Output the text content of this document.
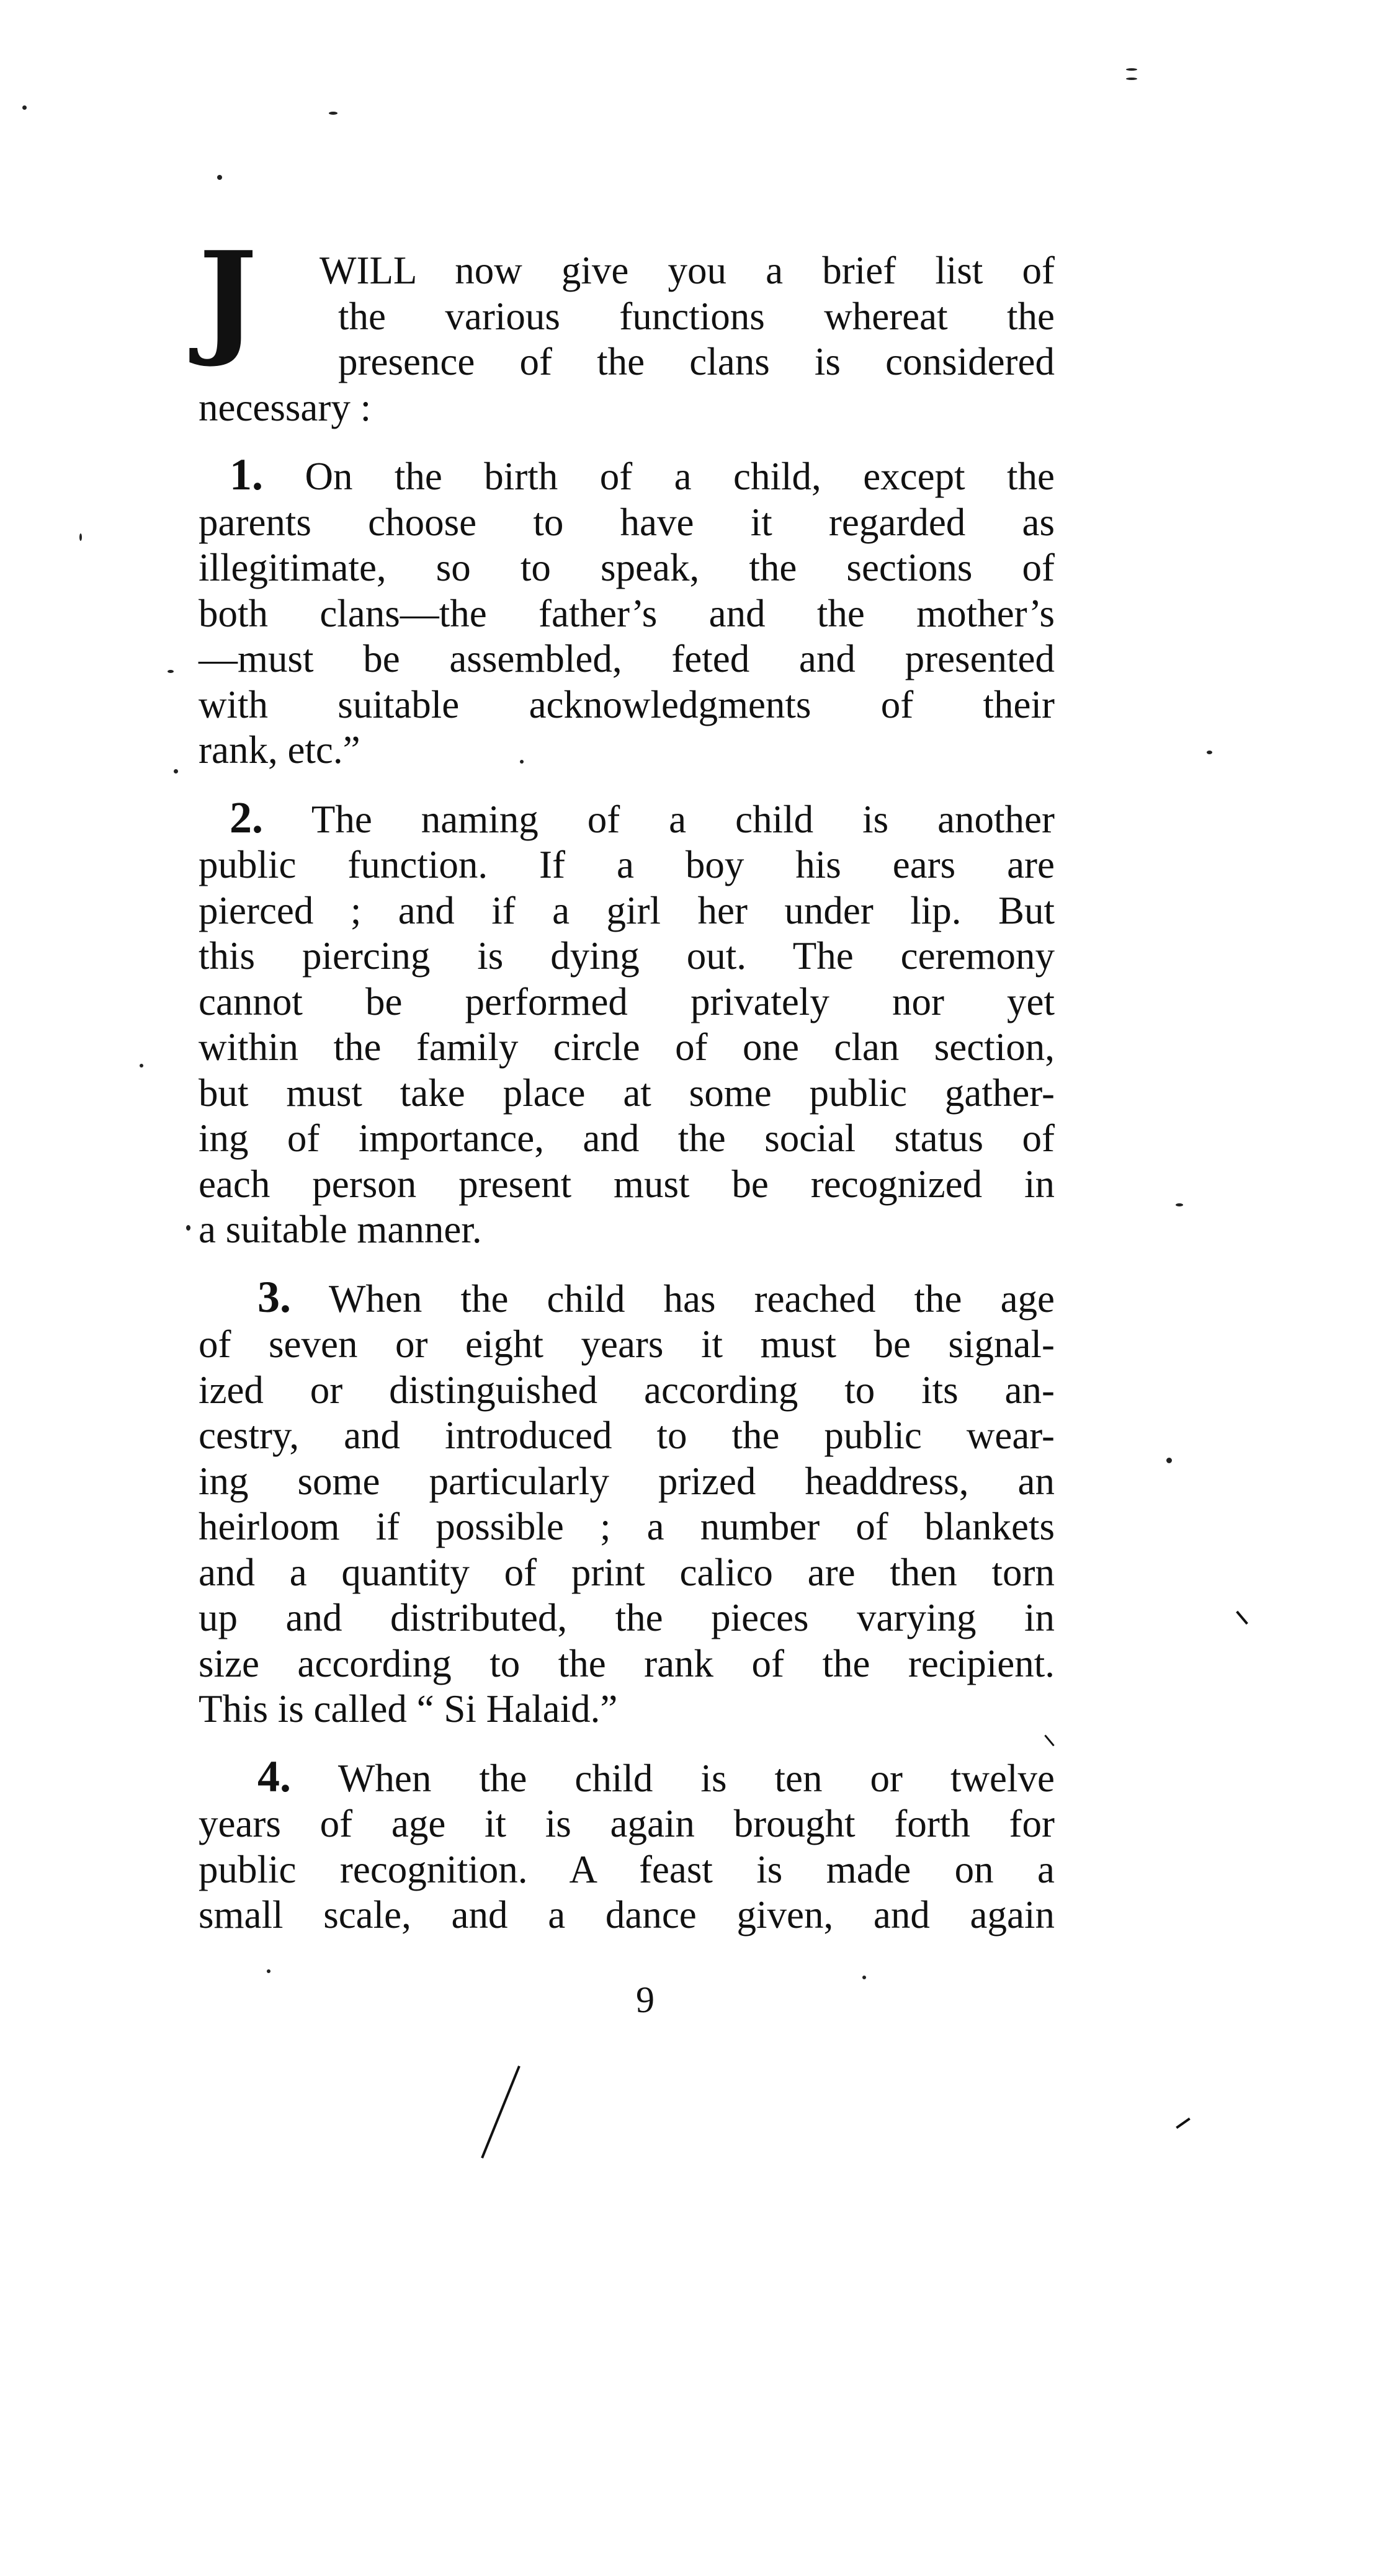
J	WILL now give you a brief list of
the various functions whereat the
presence of the clans is considered
necessary :
1. On the birth of a child, except the
parents choose to have it regarded as
illegitimate, so to speak, the sections of
both clans—the father’s and the mother’s
—must be assembled, feted and presented
with suitable acknowledgments of their
rank, etc.”
2. The naming of a child is another
public function. If a boy his ears are
pierced ; and if a girl her under lip. But
this piercing is dying out. The ceremony
cannot be performed privately nor yet
within the family circle of one clan section,
but must take place at some public gather-
ing of importance, and the social status of
each person present must be recognized in
a suitable manner.
3. When the child has reached the age
of seven or eight years it must be signal-
ized or distinguished according to its an-
cestry, and introduced to the public wear-
ing some particularly prized headdress, an
heirloom if possible ; a number of blankets
and a quantity of print calico are then torn
up and distributed, the pieces varying in
size according to the rank of the recipient.
This is called “ Si Halaid.”
4. When the child is ten or twelve
years of age it is again brought forth for
public recognition. A feast is made on a
small scale, and a dance given, and again
9
